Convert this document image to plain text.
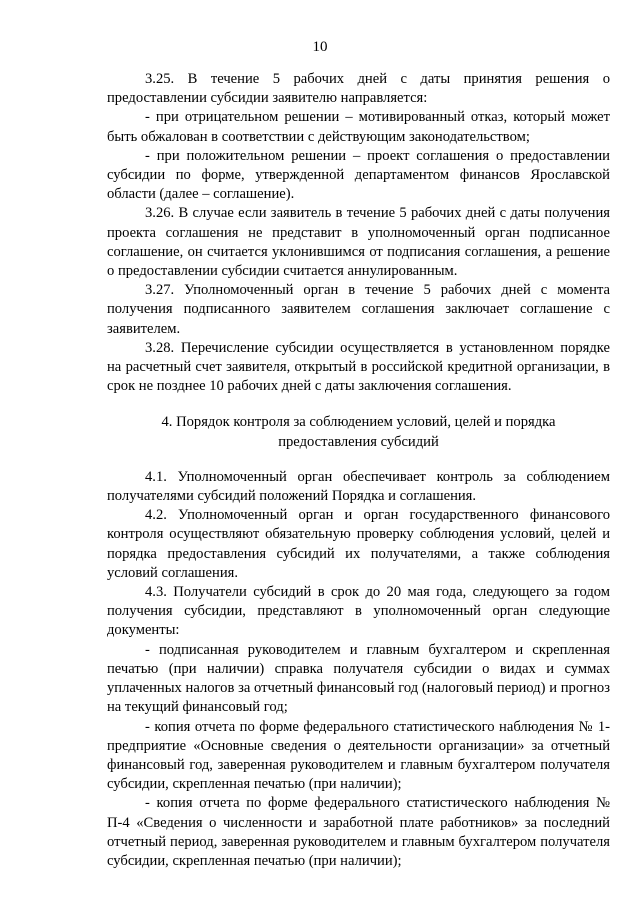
10

3.25. В течение 5 рабочих дней с даты принятия решения о предоставлении субсидии заявителю направляется:

- при отрицательном решении – мотивированный отказ, который может быть обжалован в соответствии с действующим законодательством;

- при положительном решении – проект соглашения о предоставлении субсидии по форме, утвержденной департаментом финансов Ярославской области (далее – соглашение).

3.26. В случае если заявитель в течение 5 рабочих дней с даты получения проекта соглашения не представит в уполномоченный орган подписанное соглашение, он считается уклонившимся от подписания соглашения, а решение о предоставлении субсидии считается аннулированным.

3.27. Уполномоченный орган в течение 5 рабочих дней с момента получения подписанного заявителем соглашения заключает соглашение с заявителем.

3.28. Перечисление субсидии осуществляется в установленном порядке на расчетный счет заявителя, открытый в российской кредитной организации, в срок не позднее 10 рабочих дней с даты заключения соглашения.

4. Порядок контроля за соблюдением условий, целей и порядка предоставления субсидий

4.1. Уполномоченный орган обеспечивает контроль за соблюдением получателями субсидий положений Порядка и соглашения.

4.2. Уполномоченный орган и орган государственного финансового контроля осуществляют обязательную проверку соблюдения условий, целей и порядка предоставления субсидий их получателями, а также соблюдения условий соглашения.

4.3. Получатели субсидий в срок до 20 мая года, следующего за годом получения субсидии, представляют в уполномоченный орган следующие документы:

- подписанная руководителем и главным бухгалтером и скрепленная печатью (при наличии) справка получателя субсидии о видах и суммах уплаченных налогов за отчетный финансовый год (налоговый период) и прогноз на текущий финансовый год;

- копия отчета по форме федерального статистического наблюдения № 1-предприятие «Основные сведения о деятельности организации» за отчетный финансовый год, заверенная руководителем и главным бухгалтером получателя субсидии, скрепленная печатью (при наличии);

- копия отчета по форме федерального статистического наблюдения № П-4 «Сведения о численности и заработной плате работников» за последний отчетный период, заверенная руководителем и главным бухгалтером получателя субсидии, скрепленная печатью (при наличии);
